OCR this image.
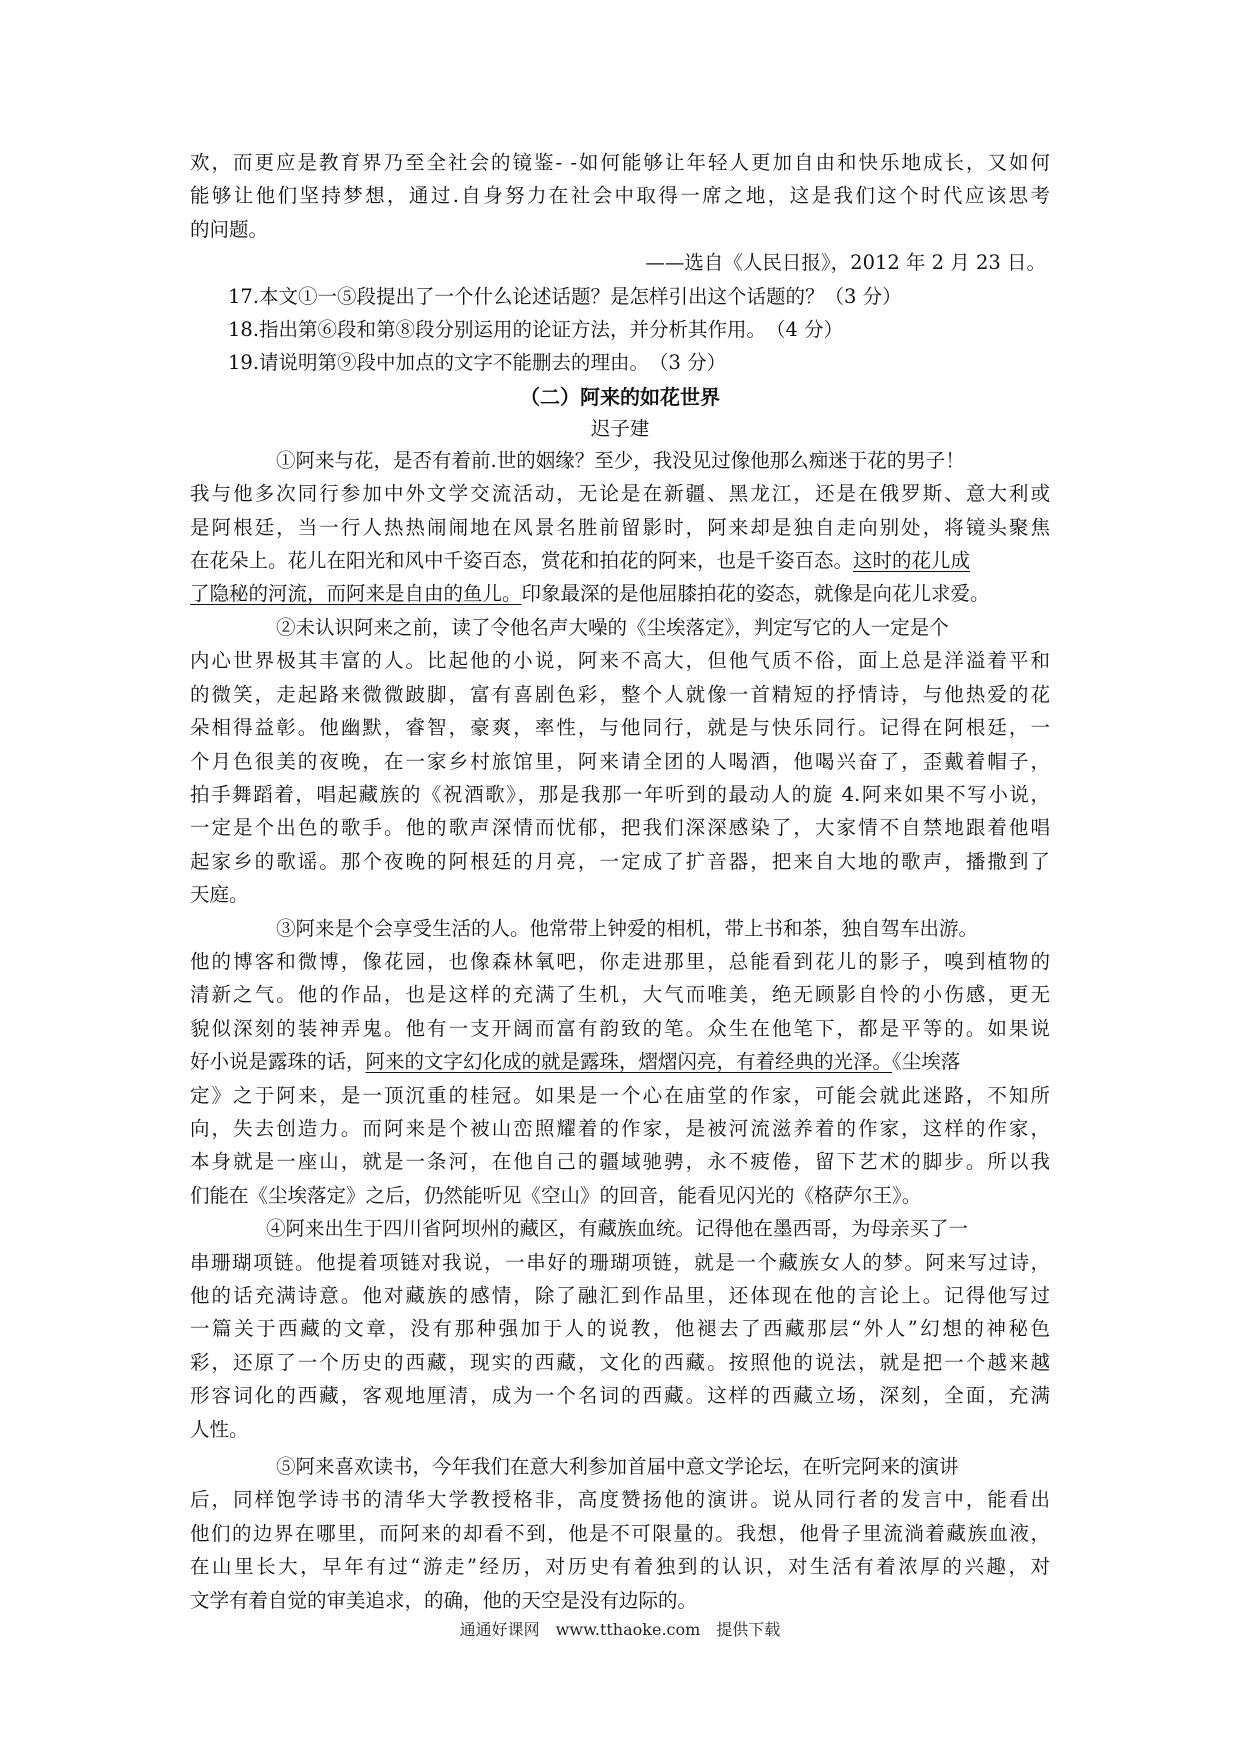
欢，而更应是教育界乃至全社会的镜鉴- -如何能够让年轻人更加自由和快乐地成长，又如何
能够让他们坚持梦想，通过.自身努力在社会中取得一席之地，这是我们这个时代应该思考
的问题。
——选自《人民日报》，2012 年 2 月 23 日。
17.本文①一⑤段提出了一个什么论述话题？是怎样引出这个话题的？（3 分）
18.指出第⑥段和第⑧段分别运用的论证方法，并分析其作用。　（4 分）
19.请说明第⑨段中加点的文字不能删去的理由。　（3 分）
（二）阿来的如花世界
迟子建
①阿来与花，是否有着前.世的姻缘？至少，我没见过像他那么痴迷于花的男子！
我与他多次同行参加中外文学交流活动，无论是在新疆、黑龙江，还是在俄罗斯、意大利或
是阿根廷，当一行人热热闹闹地在风景名胜前留影时，阿来却是独自走向别处，将镜头聚焦
在花朵上。花儿在阳光和风中千姿百态，赏花和拍花的阿来，也是千姿百态。这时的花儿成
了隐秘的河流，而阿来是自由的鱼儿。印象最深的是他屈膝拍花的姿态，就像是向花儿求爱。
②未认识阿来之前，读了令他名声大噪的《尘埃落定》，判定写它的人一定是个
内心世界极其丰富的人。比起他的小说，阿来不高大，但他气质不俗，面上总是洋溢着平和
的微笑，走起路来微微跛脚，富有喜剧色彩，整个人就像一首精短的抒情诗，与他热爱的花
朵相得益彰。他幽默，睿智，豪爽，率性，与他同行，就是与快乐同行。记得在阿根廷，一
个月色很美的夜晚，在一家乡村旅馆里，阿来请全团的人喝酒，他喝兴奋了，歪戴着帽子，
拍手舞蹈着，唱起藏族的《祝酒歌》，那是我那一年听到的最动人的旋 4.阿来如果不写小说，
一定是个出色的歌手。他的歌声深情而忧郁，把我们深深感染了，大家情不自禁地跟着他唱
起家乡的歌谣。那个夜晚的阿根廷的月亮，一定成了扩音器，把来自大地的歌声，播撒到了
天庭。
③阿来是个会享受生活的人。他常带上钟爱的相机，带上书和茶，独自驾车出游。
他的博客和微博，像花园，也像森林氧吧，你走进那里，总能看到花儿的影子，嗅到植物的
清新之气。他的作品，也是这样的充满了生机，大气而唯美，绝无顾影自怜的小伤感，更无
貌似深刻的装神弄鬼。他有一支开阔而富有韵致的笔。众生在他笔下，都是平等的。如果说
好小说是露珠的话，阿来的文字幻化成的就是露珠，熠熠闪亮，有着经典的光泽。《尘埃落
定》之于阿来，是一顶沉重的桂冠。如果是一个心在庙堂的作家，可能会就此迷路，不知所
向，失去创造力。而阿来是个被山峦照耀着的作家，是被河流滋养着的作家，这样的作家，
本身就是一座山，就是一条河，在他自己的疆域驰骋，永不疲倦，留下艺术的脚步。所以我
们能在《尘埃落定》之后，仍然能听见《空山》的回音，能看见闪光的《格萨尔王》。
④阿来出生于四川省阿坝州的藏区，有藏族血统。记得他在墨西哥，为母亲买了一
串珊瑚项链。他提着项链对我说，一串好的珊瑚项链，就是一个藏族女人的梦。阿来写过诗，
他的话充满诗意。他对藏族的感情，除了融汇到作品里，还体现在他的言论上。记得他写过
一篇关于西藏的文章，没有那种强加于人的说教，他褪去了西藏那层“外人”幻想的神秘色
彩，还原了一个历史的西藏，现实的西藏，文化的西藏。按照他的说法，就是把一个越来越
形容词化的西藏，客观地厘清，成为一个名词的西藏。这样的西藏立场，深刻，全面，充满
人性。
⑤阿来喜欢读书，今年我们在意大利参加首届中意文学论坛，在听完阿来的演讲
后，同样饱学诗书的清华大学教授格非，高度赞扬他的演讲。说从同行者的发言中，能看出
他们的边界在哪里，而阿来的却看不到，他是不可限量的。我想，他骨子里流淌着藏族血液，
在山里长大，早年有过“游走”经历，对历史有着独到的认识，对生活有着浓厚的兴趣，对
文学有着自觉的审美追求，的确，他的天空是没有边际的。
通通好课网　www.tthaoke.com　提供下载
